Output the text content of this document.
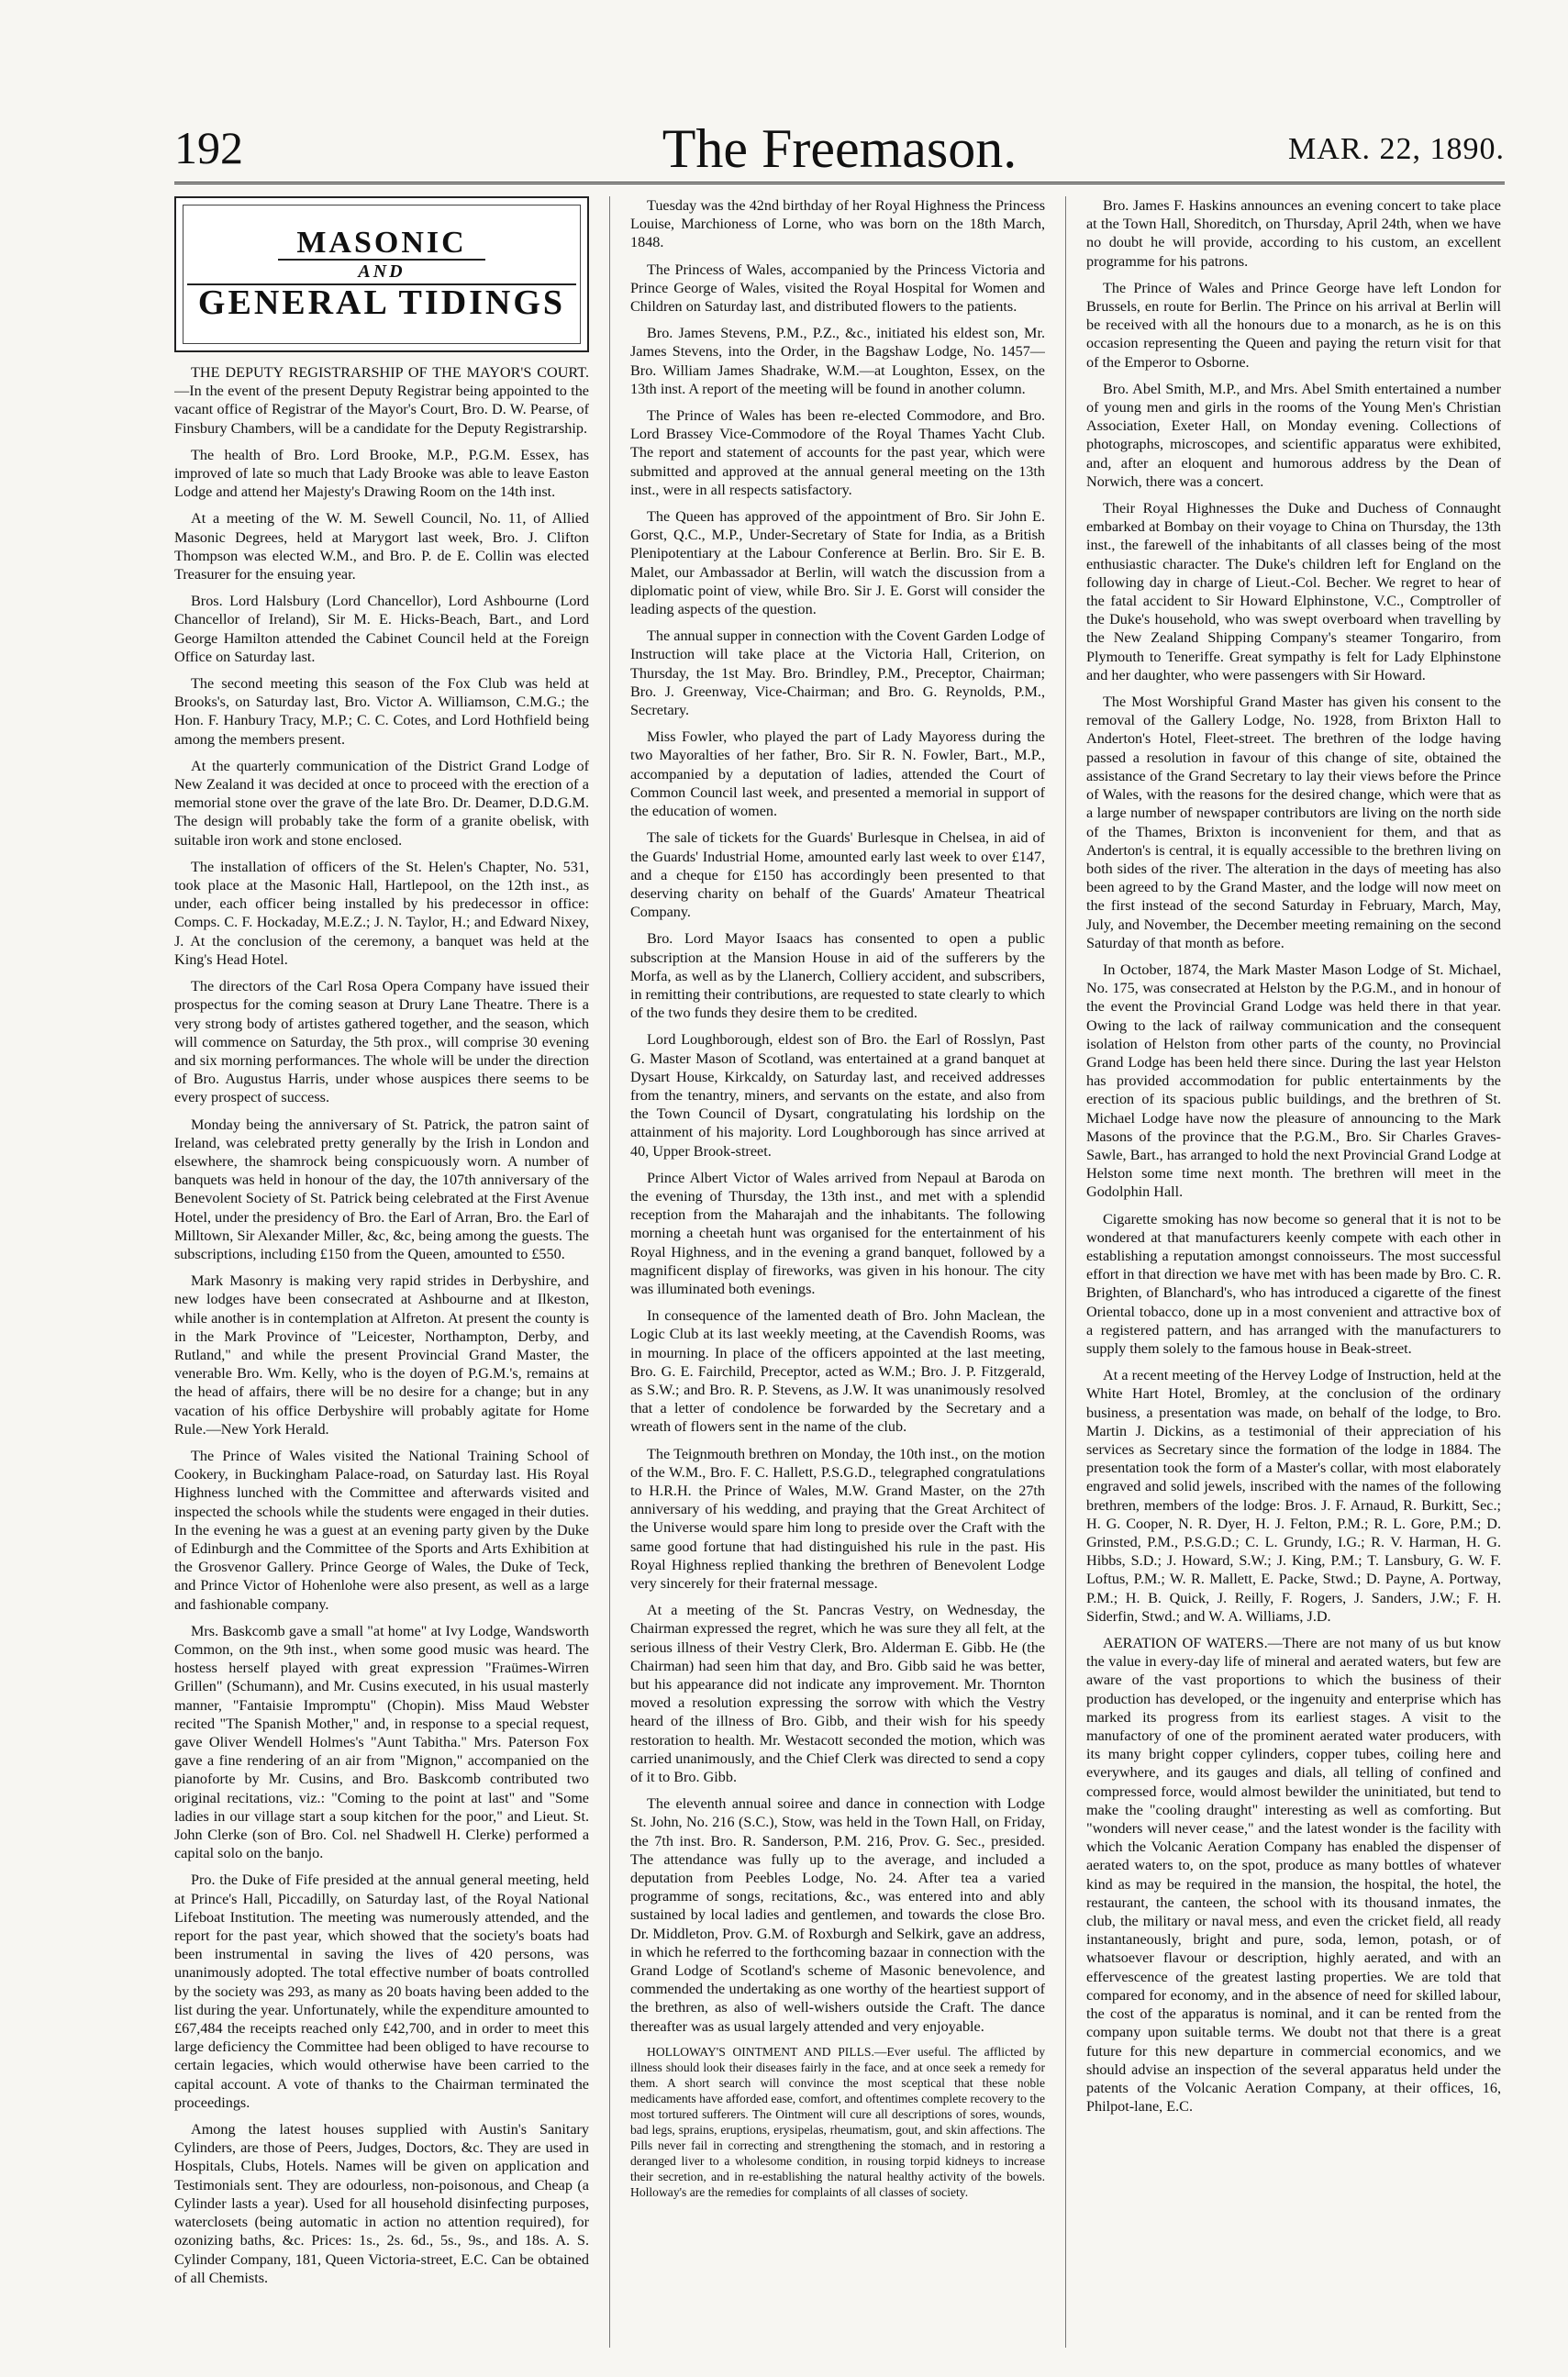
192	The Freemason.	MAR. 22, 1890.
MASONIC
AND
GENERAL TIDINGS

THE DEPUTY REGISTRARSHIP OF THE MAYOR'S COURT.—In the event of the present Deputy Registrar being appointed to the vacant office of Registrar of the Mayor's Court, Bro. D. W. Pearse, of Finsbury Chambers, will be a candidate for the Deputy Registrarship.

The health of Bro. Lord Brooke, M.P., P.G.M. Essex, has improved of late so much that Lady Brooke was able to leave Easton Lodge and attend her Majesty's Drawing Room on the 14th inst.

At a meeting of the W. M. Sewell Council, No. 11, of Allied Masonic Degrees, held at Marygort last week, Bro. J. Clifton Thompson was elected W.M., and Bro. P. de E. Collin was elected Treasurer for the ensuing year.

Bros. Lord Halsbury (Lord Chancellor), Lord Ashbourne (Lord Chancellor of Ireland), Sir M. E. Hicks-Beach, Bart., and Lord George Hamilton attended the Cabinet Council held at the Foreign Office on Saturday last.

The second meeting this season of the Fox Club was held at Brooks's, on Saturday last, Bro. Victor A. Williamson, C.M.G.; the Hon. F. Hanbury Tracy, M.P.; C. C. Cotes, and Lord Hothfield being among the members present.

At the quarterly communication of the District Grand Lodge of New Zealand it was decided at once to proceed with the erection of a memorial stone over the grave of the late Bro. Dr. Deamer, D.D.G.M. The design will probably take the form of a granite obelisk, with suitable iron work and stone enclosed.

The installation of officers of the St. Helen's Chapter, No. 531, took place at the Masonic Hall, Hartlepool, on the 12th inst., as under, each officer being installed by his predecessor in office: Comps. C. F. Hockaday, M.E.Z.; J. N. Taylor, H.; and Edward Nixey, J. At the conclusion of the ceremony, a banquet was held at the King's Head Hotel.

The directors of the Carl Rosa Opera Company have issued their prospectus for the coming season at Drury Lane Theatre. There is a very strong body of artistes gathered together, and the season, which will commence on Saturday, the 5th prox., will comprise 30 evening and six morning performances. The whole will be under the direction of Bro. Augustus Harris, under whose auspices there seems to be every prospect of success.

Monday being the anniversary of St. Patrick, the patron saint of Ireland, was celebrated pretty generally by the Irish in London and elsewhere, the shamrock being conspicuously worn. A number of banquets was held in honour of the day, the 107th anniversary of the Benevolent Society of St. Patrick being celebrated at the First Avenue Hotel, under the presidency of Bro. the Earl of Arran, Bro. the Earl of Milltown, Sir Alexander Miller, &c, &c, being among the guests. The subscriptions, including £150 from the Queen, amounted to £550.

Mark Masonry is making very rapid strides in Derbyshire, and new lodges have been consecrated at Ashbourne and at Ilkeston, while another is in contemplation at Alfreton. At present the county is in the Mark Province of "Leicester, Northampton, Derby, and Rutland," and while the present Provincial Grand Master, the venerable Bro. Wm. Kelly, who is the doyen of P.G.M.'s, remains at the head of affairs, there will be no desire for a change; but in any vacation of his office Derbyshire will probably agitate for Home Rule.—New York Herald.

The Prince of Wales visited the National Training School of Cookery, in Buckingham Palace-road, on Saturday last. His Royal Highness lunched with the Committee and afterwards visited and inspected the schools while the students were engaged in their duties. In the evening he was a guest at an evening party given by the Duke of Edinburgh and the Committee of the Sports and Arts Exhibition at the Grosvenor Gallery. Prince George of Wales, the Duke of Teck, and Prince Victor of Hohenlohe were also present, as well as a large and fashionable company.

Mrs. Baskcomb gave a small "at home" at Ivy Lodge, Wandsworth Common, on the 9th inst., when some good music was heard. The hostess herself played with great expression "Fraümes-Wirren Grillen" (Schumann), and Mr. Cusins executed, in his usual masterly manner, "Fantaisie Impromptu" (Chopin). Miss Maud Webster recited "The Spanish Mother," and, in response to a special request, gave Oliver Wendell Holmes's "Aunt Tabitha." Mrs. Paterson Fox gave a fine rendering of an air from "Mignon," accompanied on the pianoforte by Mr. Cusins, and Bro. Baskcomb contributed two original recitations, viz.: "Coming to the point at last" and "Some ladies in our village start a soup kitchen for the poor," and Lieut. St. John Clerke (son of Bro. Col. nel Shadwell H. Clerke) performed a capital solo on the banjo.

Pro. the Duke of Fife presided at the annual general meeting, held at Prince's Hall, Piccadilly, on Saturday last, of the Royal National Lifeboat Institution. The meeting was numerously attended, and the report for the past year, which showed that the society's boats had been instrumental in saving the lives of 420 persons, was unanimously adopted. The total effective number of boats controlled by the society was 293, as many as 20 boats having been added to the list during the year. Unfortunately, while the expenditure amounted to £67,484 the receipts reached only £42,700, and in order to meet this large deficiency the Committee had been obliged to have recourse to certain legacies, which would otherwise have been carried to the capital account. A vote of thanks to the Chairman terminated the proceedings.

Among the latest houses supplied with Austin's Sanitary Cylinders, are those of Peers, Judges, Doctors, &c. They are used in Hospitals, Clubs, Hotels. Names will be given on application and Testimonials sent. They are odourless, non-poisonous, and Cheap (a Cylinder lasts a year). Used for all household disinfecting purposes, waterclosets (being automatic in action no attention required), for ozonizing baths, &c. Prices: 1s., 2s. 6d., 5s., 9s., and 18s. A. S. Cylinder Company, 181, Queen Victoria-street, E.C. Can be obtained of all Chemists.

Tuesday was the 42nd birthday of her Royal Highness the Princess Louise, Marchioness of Lorne, who was born on the 18th March, 1848.

The Princess of Wales, accompanied by the Princess Victoria and Prince George of Wales, visited the Royal Hospital for Women and Children on Saturday last, and distributed flowers to the patients.

Bro. James Stevens, P.M., P.Z., &c., initiated his eldest son, Mr. James Stevens, into the Order, in the Bagshaw Lodge, No. 1457—Bro. William James Shadrake, W.M.—at Loughton, Essex, on the 13th inst. A report of the meeting will be found in another column.

The Prince of Wales has been re-elected Commodore, and Bro. Lord Brassey Vice-Commodore of the Royal Thames Yacht Club. The report and statement of accounts for the past year, which were submitted and approved at the annual general meeting on the 13th inst., were in all respects satisfactory.

The Queen has approved of the appointment of Bro. Sir John E. Gorst, Q.C., M.P., Under-Secretary of State for India, as a British Plenipotentiary at the Labour Conference at Berlin. Bro. Sir E. B. Malet, our Ambassador at Berlin, will watch the discussion from a diplomatic point of view, while Bro. Sir J. E. Gorst will consider the leading aspects of the question.

The annual supper in connection with the Covent Garden Lodge of Instruction will take place at the Victoria Hall, Criterion, on Thursday, the 1st May. Bro. Brindley, P.M., Preceptor, Chairman; Bro. J. Greenway, Vice-Chairman; and Bro. G. Reynolds, P.M., Secretary.

Miss Fowler, who played the part of Lady Mayoress during the two Mayoralties of her father, Bro. Sir R. N. Fowler, Bart., M.P., accompanied by a deputation of ladies, attended the Court of Common Council last week, and presented a memorial in support of the education of women.

The sale of tickets for the Guards' Burlesque in Chelsea, in aid of the Guards' Industrial Home, amounted early last week to over £147, and a cheque for £150 has accordingly been presented to that deserving charity on behalf of the Guards' Amateur Theatrical Company.

Bro. Lord Mayor Isaacs has consented to open a public subscription at the Mansion House in aid of the sufferers by the Morfa, as well as by the Llanerch, Colliery accident, and subscribers, in remitting their contributions, are requested to state clearly to which of the two funds they desire them to be credited.

Lord Loughborough, eldest son of Bro. the Earl of Rosslyn, Past G. Master Mason of Scotland, was entertained at a grand banquet at Dysart House, Kirkcaldy, on Saturday last, and received addresses from the tenantry, miners, and servants on the estate, and also from the Town Council of Dysart, congratulating his lordship on the attainment of his majority. Lord Loughborough has since arrived at 40, Upper Brook-street.

Prince Albert Victor of Wales arrived from Nepaul at Baroda on the evening of Thursday, the 13th inst., and met with a splendid reception from the Maharajah and the inhabitants. The following morning a cheetah hunt was organised for the entertainment of his Royal Highness, and in the evening a grand banquet, followed by a magnificent display of fireworks, was given in his honour. The city was illuminated both evenings.

In consequence of the lamented death of Bro. John Maclean, the Logic Club at its last weekly meeting, at the Cavendish Rooms, was in mourning. In place of the officers appointed at the last meeting, Bro. G. E. Fairchild, Preceptor, acted as W.M.; Bro. J. P. Fitzgerald, as S.W.; and Bro. R. P. Stevens, as J.W. It was unanimously resolved that a letter of condolence be forwarded by the Secretary and a wreath of flowers sent in the name of the club.

The Teignmouth brethren on Monday, the 10th inst., on the motion of the W.M., Bro. F. C. Hallett, P.S.G.D., telegraphed congratulations to H.R.H. the Prince of Wales, M.W. Grand Master, on the 27th anniversary of his wedding, and praying that the Great Architect of the Universe would spare him long to preside over the Craft with the same good fortune that had distinguished his rule in the past. His Royal Highness replied thanking the brethren of Benevolent Lodge very sincerely for their fraternal message.

At a meeting of the St. Pancras Vestry, on Wednesday, the Chairman expressed the regret, which he was sure they all felt, at the serious illness of their Vestry Clerk, Bro. Alderman E. Gibb. He (the Chairman) had seen him that day, and Bro. Gibb said he was better, but his appearance did not indicate any improvement. Mr. Thornton moved a resolution expressing the sorrow with which the Vestry heard of the illness of Bro. Gibb, and their wish for his speedy restoration to health. Mr. Westacott seconded the motion, which was carried unanimously, and the Chief Clerk was directed to send a copy of it to Bro. Gibb.

The eleventh annual soiree and dance in connection with Lodge St. John, No. 216 (S.C.), Stow, was held in the Town Hall, on Friday, the 7th inst. Bro. R. Sanderson, P.M. 216, Prov. G. Sec., presided. The attendance was fully up to the average, and included a deputation from Peebles Lodge, No. 24. After tea a varied programme of songs, recitations, &c., was entered into and ably sustained by local ladies and gentlemen, and towards the close Bro. Dr. Middleton, Prov. G.M. of Roxburgh and Selkirk, gave an address, in which he referred to the forthcoming bazaar in connection with the Grand Lodge of Scotland's scheme of Masonic benevolence, and commended the undertaking as one worthy of the heartiest support of the brethren, as also of well-wishers outside the Craft. The dance thereafter was as usual largely attended and very enjoyable.

HOLLOWAY'S OINTMENT AND PILLS.—Ever useful. The afflicted by illness should look their diseases fairly in the face, and at once seek a remedy for them. A short search will convince the most sceptical that these noble medicaments have afforded ease, comfort, and oftentimes complete recovery to the most tortured sufferers. The Ointment will cure all descriptions of sores, wounds, bad legs, sprains, eruptions, erysipelas, rheumatism, gout, and skin affections. The Pills never fail in correcting and strengthening the stomach, and in restoring a deranged liver to a wholesome condition, in rousing torpid kidneys to increase their secretion, and in re-establishing the natural healthy activity of the bowels. Holloway's are the remedies for complaints of all classes of society.

Bro. James F. Haskins announces an evening concert to take place at the Town Hall, Shoreditch, on Thursday, April 24th, when we have no doubt he will provide, according to his custom, an excellent programme for his patrons.

The Prince of Wales and Prince George have left London for Brussels, en route for Berlin. The Prince on his arrival at Berlin will be received with all the honours due to a monarch, as he is on this occasion representing the Queen and paying the return visit for that of the Emperor to Osborne.

Bro. Abel Smith, M.P., and Mrs. Abel Smith entertained a number of young men and girls in the rooms of the Young Men's Christian Association, Exeter Hall, on Monday evening. Collections of photographs, microscopes, and scientific apparatus were exhibited, and, after an eloquent and humorous address by the Dean of Norwich, there was a concert.

Their Royal Highnesses the Duke and Duchess of Connaught embarked at Bombay on their voyage to China on Thursday, the 13th inst., the farewell of the inhabitants of all classes being of the most enthusiastic character. The Duke's children left for England on the following day in charge of Lieut.-Col. Becher. We regret to hear of the fatal accident to Sir Howard Elphinstone, V.C., Comptroller of the Duke's household, who was swept overboard when travelling by the New Zealand Shipping Company's steamer Tongariro, from Plymouth to Teneriffe. Great sympathy is felt for Lady Elphinstone and her daughter, who were passengers with Sir Howard.

The Most Worshipful Grand Master has given his consent to the removal of the Gallery Lodge, No. 1928, from Brixton Hall to Anderton's Hotel, Fleet-street. The brethren of the lodge having passed a resolution in favour of this change of site, obtained the assistance of the Grand Secretary to lay their views before the Prince of Wales, with the reasons for the desired change, which were that as a large number of newspaper contributors are living on the north side of the Thames, Brixton is inconvenient for them, and that as Anderton's is central, it is equally accessible to the brethren living on both sides of the river. The alteration in the days of meeting has also been agreed to by the Grand Master, and the lodge will now meet on the first instead of the second Saturday in February, March, May, July, and November, the December meeting remaining on the second Saturday of that month as before.

In October, 1874, the Mark Master Mason Lodge of St. Michael, No. 175, was consecrated at Helston by the P.G.M., and in honour of the event the Provincial Grand Lodge was held there in that year. Owing to the lack of railway communication and the consequent isolation of Helston from other parts of the county, no Provincial Grand Lodge has been held there since. During the last year Helston has provided accommodation for public entertainments by the erection of its spacious public buildings, and the brethren of St. Michael Lodge have now the pleasure of announcing to the Mark Masons of the province that the P.G.M., Bro. Sir Charles Graves-Sawle, Bart., has arranged to hold the next Provincial Grand Lodge at Helston some time next month. The brethren will meet in the Godolphin Hall.

Cigarette smoking has now become so general that it is not to be wondered at that manufacturers keenly compete with each other in establishing a reputation amongst connoisseurs. The most successful effort in that direction we have met with has been made by Bro. C. R. Brighten, of Blanchard's, who has introduced a cigarette of the finest Oriental tobacco, done up in a most convenient and attractive box of a registered pattern, and has arranged with the manufacturers to supply them solely to the famous house in Beak-street.

At a recent meeting of the Hervey Lodge of Instruction, held at the White Hart Hotel, Bromley, at the conclusion of the ordinary business, a presentation was made, on behalf of the lodge, to Bro. Martin J. Dickins, as a testimonial of their appreciation of his services as Secretary since the formation of the lodge in 1884. The presentation took the form of a Master's collar, with most elaborately engraved and solid jewels, inscribed with the names of the following brethren, members of the lodge: Bros. J. F. Arnaud, R. Burkitt, Sec.; H. G. Cooper, N. R. Dyer, H. J. Felton, P.M.; R. L. Gore, P.M.; D. Grinsted, P.M., P.S.G.D.; C. L. Grundy, I.G.; R. V. Harman, H. G. Hibbs, S.D.; J. Howard, S.W.; J. King, P.M.; T. Lansbury, G. W. F. Loftus, P.M.; W. R. Mallett, E. Packe, Stwd.; D. Payne, A. Portway, P.M.; H. B. Quick, J. Reilly, F. Rogers, J. Sanders, J.W.; F. H. Siderfin, Stwd.; and W. A. Williams, J.D.

AERATION OF WATERS.—There are not many of us but know the value in every-day life of mineral and aerated waters, but few are aware of the vast proportions to which the business of their production has developed, or the ingenuity and enterprise which has marked its progress from its earliest stages. A visit to the manufactory of one of the prominent aerated water producers, with its many bright copper cylinders, copper tubes, coiling here and everywhere, and its gauges and dials, all telling of confined and compressed force, would almost bewilder the uninitiated, but tend to make the "cooling draught" interesting as well as comforting. But "wonders will never cease," and the latest wonder is the facility with which the Volcanic Aeration Company has enabled the dispenser of aerated waters to, on the spot, produce as many bottles of whatever kind as may be required in the mansion, the hospital, the hotel, the restaurant, the canteen, the school with its thousand inmates, the club, the military or naval mess, and even the cricket field, all ready instantaneously, bright and pure, soda, lemon, potash, or of whatsoever flavour or description, highly aerated, and with an effervescence of the greatest lasting properties. We are told that compared for economy, and in the absence of need for skilled labour, the cost of the apparatus is nominal, and it can be rented from the company upon suitable terms. We doubt not that there is a great future for this new departure in commercial economics, and we should advise an inspection of the several apparatus held under the patents of the Volcanic Aeration Company, at their offices, 16, Philpot-lane, E.C.
